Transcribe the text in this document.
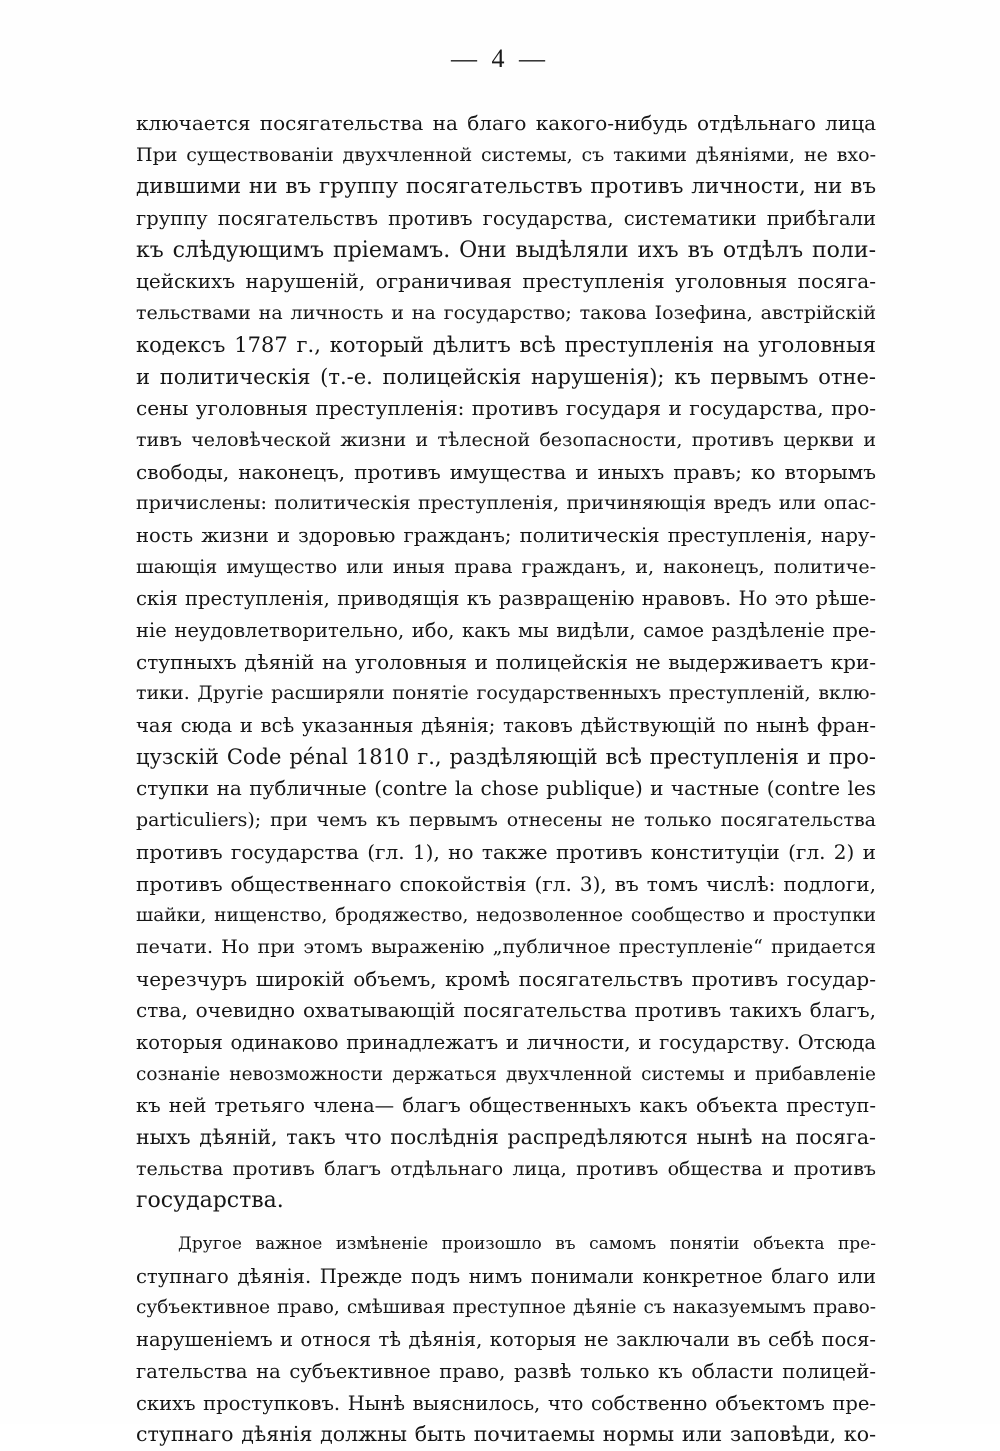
— 4 —
ключается посягательства на благо какого-нибудь отдѣльнаго лица
При существованіи двухчленной системы, съ такими дѣяніями, не вхо-
дившими ни въ группу посягательствъ противъ личности, ни въ
группу посягательствъ противъ государства, систематики прибѣгали
къ слѣдующимъ пріемамъ. Они выдѣляли ихъ въ отдѣлъ поли-
цейскихъ нарушеній, ограничивая преступленія уголовныя посяга-
тельствами на личность и на государство; такова Іозефина, австрійскій
кодексъ 1787 г., который дѣлитъ всѣ преступленія на уголовныя
и политическія (т.-е. полицейскія нарушенія); къ первымъ отне-
сены уголовныя преступленія: противъ государя и государства, про-
тивъ человѣческой жизни и тѣлесной безопасности, противъ церкви и
свободы, наконецъ, противъ имущества и иныхъ правъ; ко вторымъ
причислены: политическія преступленія, причиняющія вредъ или опас-
ность жизни и здоровью гражданъ; политическія преступленія, нару-
шающія имущество или иныя права гражданъ, и, наконецъ, политиче-
скія преступленія, приводящія къ развращенію нравовъ. Но это рѣше-
ніе неудовлетворительно, ибо, какъ мы видѣли, самое раздѣленіе пре-
ступныхъ дѣяній на уголовныя и полицейскія не выдерживаетъ кри-
тики. Другіе расширяли понятіе государственныхъ преступленій, вклю-
чая сюда и всѣ указанныя дѣянія; таковъ дѣйствующій по нынѣ фран-
цузскій Code pénal 1810 г., раздѣляющій всѣ преступленія и про-
ступки на публичные (contre la chose publique) и частные (contre les
particuliers); при чемъ къ первымъ отнесены не только посягательства
противъ государства (гл. 1), но также противъ конституціи (гл. 2) и
противъ общественнаго спокойствія (гл. 3), въ томъ числѣ: подлоги,
шайки, нищенство, бродяжество, недозволенное сообщество и проступки
печати. Но при этомъ выраженію „публичное преступленіе“ придается
черезчуръ широкій объемъ, кромѣ посягательствъ противъ государ-
ства, очевидно охватывающій посягательства противъ такихъ благъ,
которыя одинаково принадлежатъ и личности, и государству. Отсюда
сознаніе невозможности держаться двухчленной системы и прибавленіе
къ ней третьяго члена— благъ общественныхъ какъ объекта преступ-
ныхъ дѣяній, такъ что послѣднія распредѣляются нынѣ на посяга-
тельства противъ благъ отдѣльнаго лица, противъ общества и противъ
государства.
Другое важное измѣненіе произошло въ самомъ понятіи объекта пре-
ступнаго дѣянія. Прежде подъ нимъ понимали конкретное благо или
субъективное право, смѣшивая преступное дѣяніе съ наказуемымъ право-
нарушеніемъ и относя тѣ дѣянія, которыя не заключали въ себѣ пося-
гательства на субъективное право, развѣ только къ области полицей-
скихъ проступковъ. Нынѣ выяснилось, что собственно объектомъ пре-
ступнаго дѣянія должны быть почитаемы нормы или заповѣди, ко-
